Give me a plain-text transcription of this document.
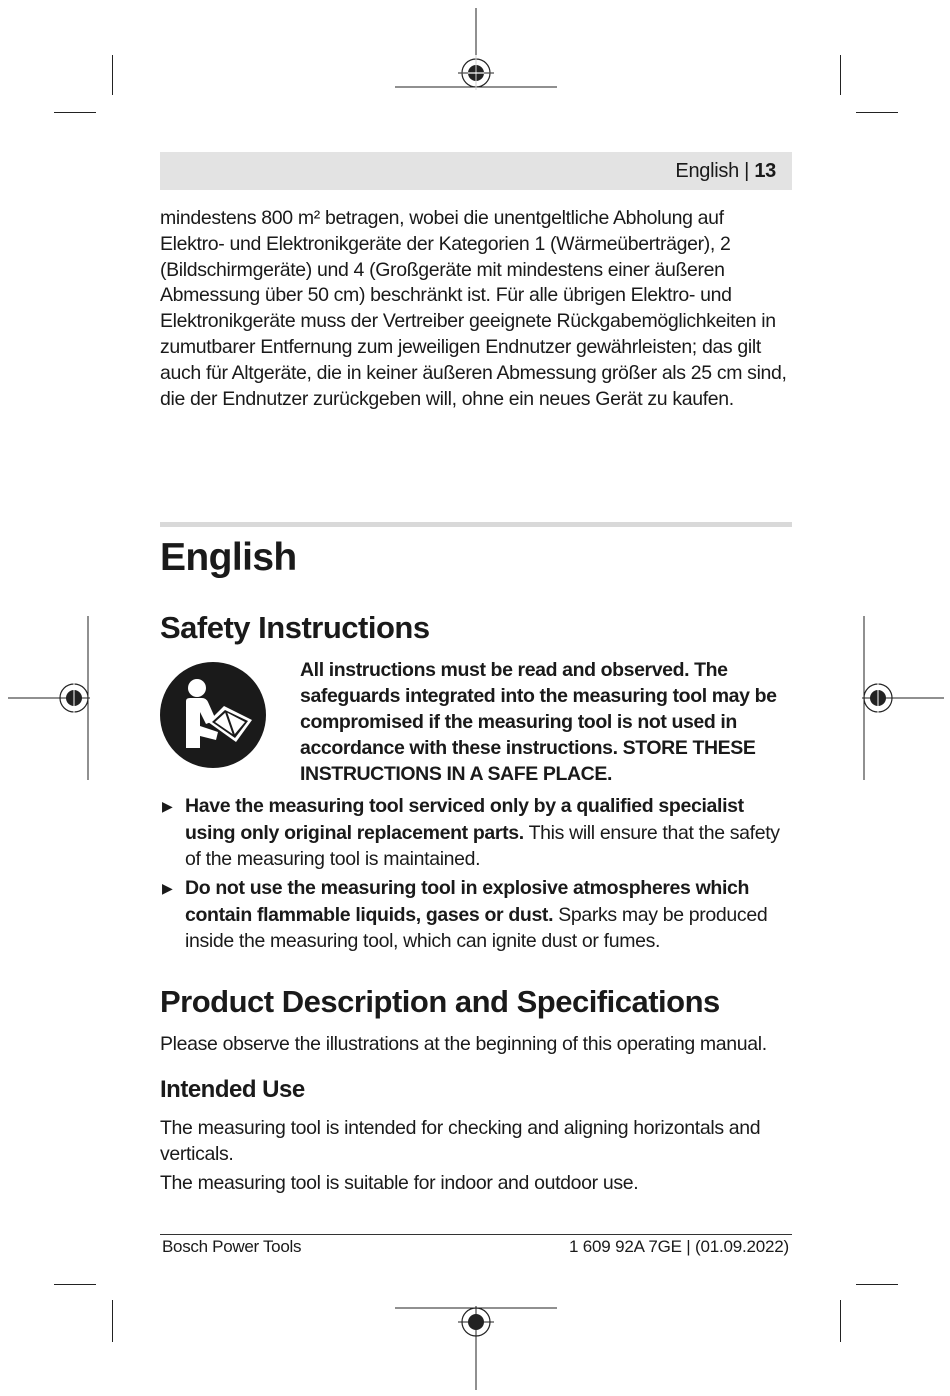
English | 13

mindestens 800 m² betragen, wobei die unentgeltliche Abholung auf Elektro- und Elektronikgeräte der Kategorien 1 (Wärmeüberträger), 2 (Bildschirmgeräte) und 4 (Großgeräte mit mindestens einer äußeren Abmessung über 50 cm) beschränkt ist. Für alle übrigen Elektro- und Elektronikgeräte muss der Vertreiber geeignete Rückgabemöglichkeiten in zumutbarer Entfernung zum jeweiligen Endnutzer gewährleisten; das gilt auch für Altgeräte, die in keiner äußeren Abmessung größer als 25 cm sind, die der Endnutzer zurückgeben will, ohne ein neues Gerät zu kaufen.

English
Safety Instructions

All instructions must be read and observed. The safeguards integrated into the measuring tool may be compromised if the measuring tool is not used in accordance with these instructions. STORE THESE INSTRUCTIONS IN A SAFE PLACE.

▶ Have the measuring tool serviced only by a qualified specialist using only original replacement parts. This will ensure that the safety of the measuring tool is maintained.

▶ Do not use the measuring tool in explosive atmospheres which contain flammable liquids, gases or dust. Sparks may be produced inside the measuring tool, which can ignite dust or fumes.

Product Description and Specifications

Please observe the illustrations at the beginning of this operating manual.

Intended Use

The measuring tool is intended for checking and aligning horizontals and verticals.

The measuring tool is suitable for indoor and outdoor use.

Bosch Power Tools	1 609 92A 7GE | (01.09.2022)
